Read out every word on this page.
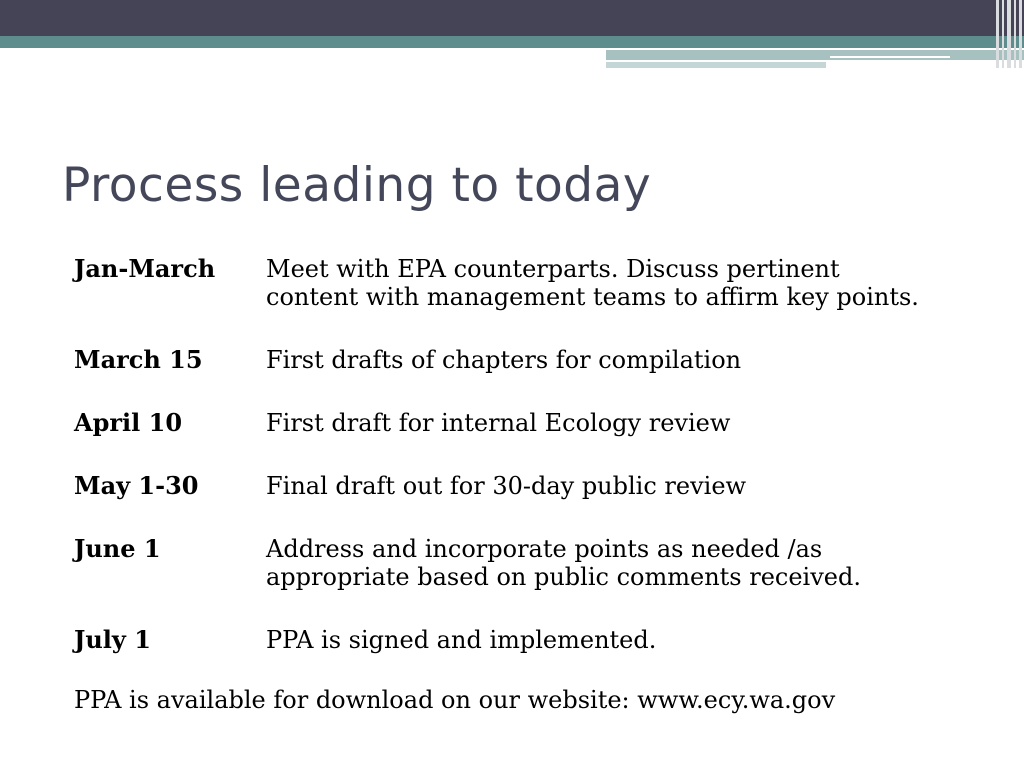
Process leading to today
Jan-March	Meet with EPA counterparts. Discuss pertinent
content with management teams to affirm key points.
March 15	First drafts of chapters for compilation
April 10	First draft for internal Ecology review
May 1-30	Final draft out for 30-day public review
June 1	Address and incorporate points as needed /as
appropriate based on public comments received.
July 1	PPA is signed and implemented.
PPA is available for download on our website: www.ecy.wa.gov
